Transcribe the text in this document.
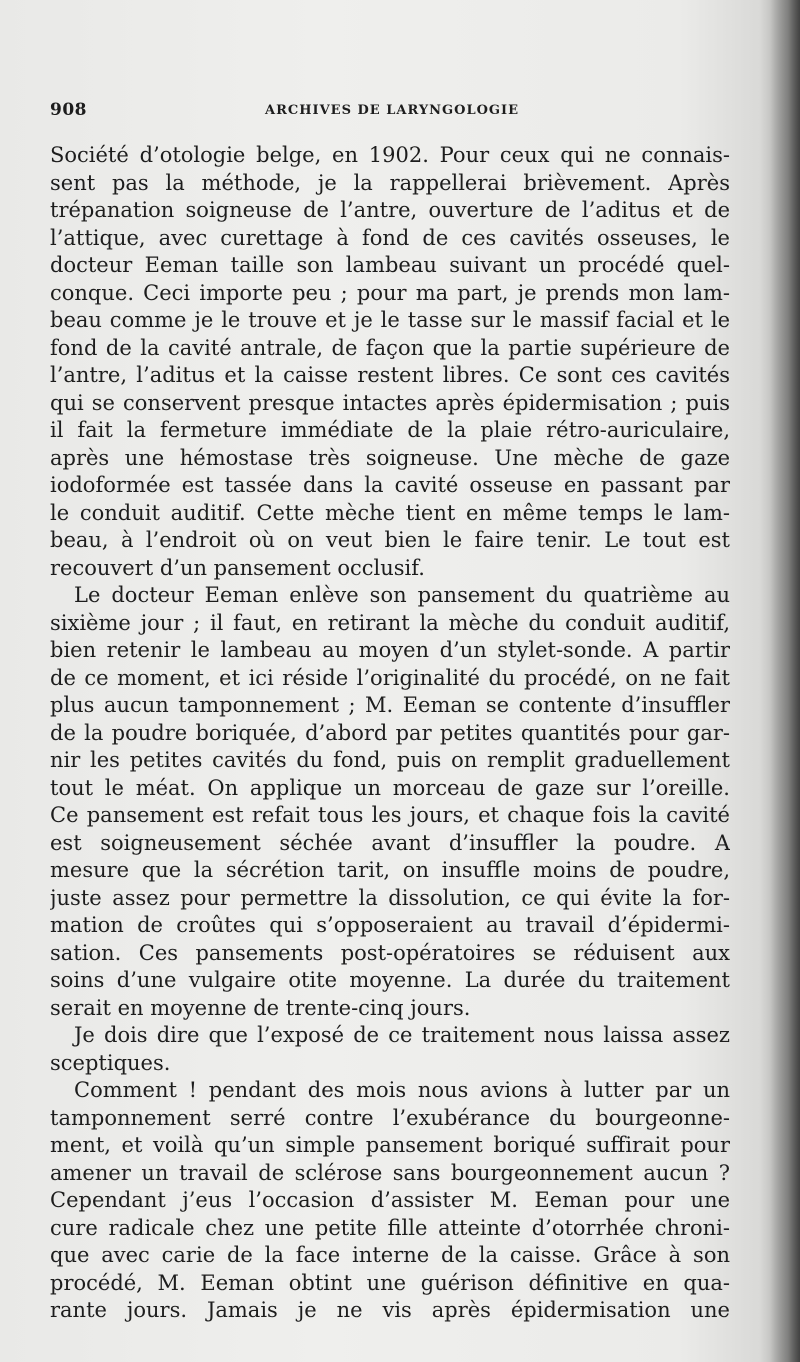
908	ARCHIVES DE LARYNGOLOGIE
Société d’otologie belge, en 1902. Pour ceux qui ne connais-
sent pas la méthode, je la rappellerai brièvement. Après
trépanation soigneuse de l’antre, ouverture de l’aditus et de
l’attique, avec curettage à fond de ces cavités osseuses, le
docteur Eeman taille son lambeau suivant un procédé quel-
conque. Ceci importe peu ; pour ma part, je prends mon lam-
beau comme je le trouve et je le tasse sur le massif facial et le
fond de la cavité antrale, de façon que la partie supérieure de
l’antre, l’aditus et la caisse restent libres. Ce sont ces cavités
qui se conservent presque intactes après épidermisation ; puis
il fait la fermeture immédiate de la plaie rétro-auriculaire,
après une hémostase très soigneuse. Une mèche de gaze
iodoformée est tassée dans la cavité osseuse en passant par
le conduit auditif. Cette mèche tient en même temps le lam-
beau, à l’endroit où on veut bien le faire tenir. Le tout est
recouvert d’un pansement occlusif.
Le docteur Eeman enlève son pansement du quatrième au
sixième jour ; il faut, en retirant la mèche du conduit auditif,
bien retenir le lambeau au moyen d’un stylet-sonde. A partir
de ce moment, et ici réside l’originalité du procédé, on ne fait
plus aucun tamponnement ; M. Eeman se contente d’insuffler
de la poudre boriquée, d’abord par petites quantités pour gar-
nir les petites cavités du fond, puis on remplit graduellement
tout le méat. On applique un morceau de gaze sur l’oreille.
Ce pansement est refait tous les jours, et chaque fois la cavité
est soigneusement séchée avant d’insuffler la poudre. A
mesure que la sécrétion tarit, on insuffle moins de poudre,
juste assez pour permettre la dissolution, ce qui évite la for-
mation de croûtes qui s’opposeraient au travail d’épidermi-
sation. Ces pansements post-opératoires se réduisent aux
soins d’une vulgaire otite moyenne. La durée du traitement
serait en moyenne de trente-cinq jours.
Je dois dire que l’exposé de ce traitement nous laissa assez
sceptiques.
Comment ! pendant des mois nous avions à lutter par un
tamponnement serré contre l’exubérance du bourgeonne-
ment, et voilà qu’un simple pansement boriqué suffirait pour
amener un travail de sclérose sans bourgeonnement aucun ?
Cependant j’eus l’occasion d’assister M. Eeman pour une
cure radicale chez une petite fille atteinte d’otorrhée chroni-
que avec carie de la face interne de la caisse. Grâce à son
procédé, M. Eeman obtint une guérison définitive en qua-
rante jours. Jamais je ne vis après épidermisation une
